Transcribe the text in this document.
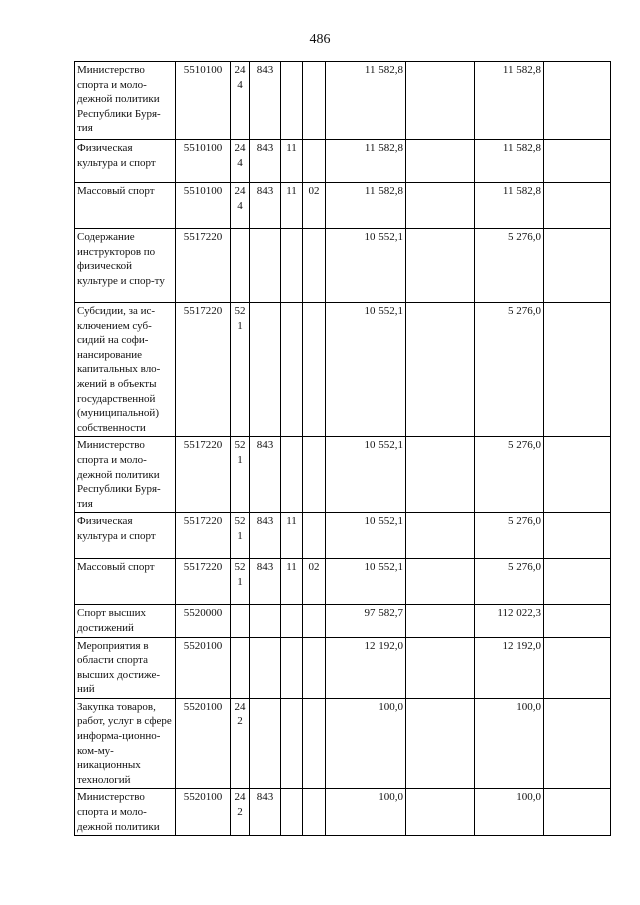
486
Министерство спорта и моло-дежной политики Республики Буря-тия	5510100	244	843			11 582,8		11 582,8	
Физическая культура и спорт	5510100	244	843	11		11 582,8		11 582,8	
Массовый спорт	5510100	244	843	11	02	11 582,8		11 582,8	
Содержание инструкторов по физической культуре и спор-ту	5517220					10 552,1		5 276,0	
Субсидии, за ис-ключением суб-сидий на софи-нансирование капитальных вло-жений в объекты государственной (муниципальной) собственности	5517220	521				10 552,1		5 276,0	
Министерство спорта и моло-дежной политики Республики Буря-тия	5517220	521	843			10 552,1		5 276,0	
Физическая культура и спорт	5517220	521	843	11		10 552,1		5 276,0	
Массовый спорт	5517220	521	843	11	02	10 552,1		5 276,0	
Спорт высших достижений	5520000					97 582,7		112 022,3	
Мероприятия в области спорта высших достиже-ний	5520100					12 192,0		12 192,0	
Закупка товаров, работ, услуг в сфере информа-ционно-ком-му-никационных технологий	5520100	242				100,0		100,0	
Министерство спорта и моло-дежной политики	5520100	242	843			100,0		100,0	
